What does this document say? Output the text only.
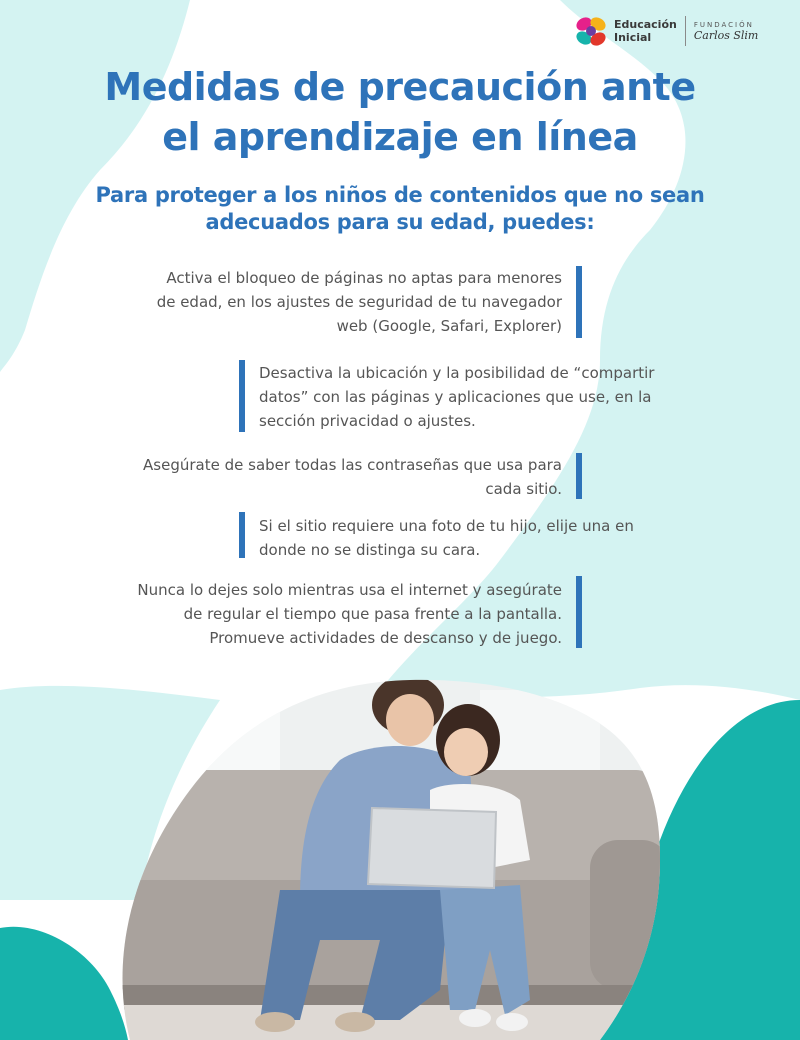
Educación
Inicial
FUNDACIÓN
Carlos Slim
Medidas de precaución ante
el aprendizaje en línea
Para proteger a los niños de contenidos que no sean
adecuados para su edad, puedes:
Activa el bloqueo de páginas no aptas para menores
de edad, en los ajustes de seguridad de tu navegador
web (Google, Safari, Explorer)
Desactiva la ubicación y la posibilidad de “compartir
datos” con las páginas y aplicaciones que use, en la
sección privacidad o ajustes.
Asegúrate de saber todas las contraseñas que usa para
cada sitio.
Si el sitio requiere una foto de tu hijo, elije una en
donde no se distinga su cara.
Nunca lo dejes solo mientras usa el internet y asegúrate
de regular el tiempo que pasa frente a la pantalla.
Promueve actividades de descanso y de juego.
